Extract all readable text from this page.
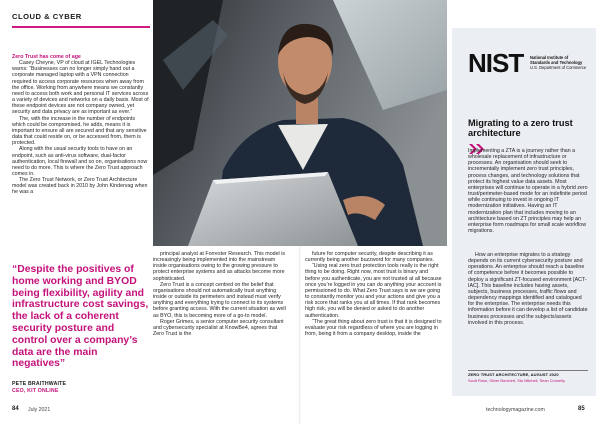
CLOUD & CYBER

Zero Trust has come of age

Casey Cheyne, VP of cloud at IGEL Technologies warns: “Businesses can no longer simply hand out a corporate managed laptop with a VPN connection required to access corporate resources when away from the office. Working from anywhere means we constantly need to access both work and personal IT services across a variety of devices and networks on a daily basis. Most of these endpoint devices are not company owned, yet security and data privacy are as important as ever.”

The, with the increase in the number of endpoints which could be compromised, he adds, means it is important to ensure all are secured and that any sensitive data that could reside on, or be accessed from, them is protected.

Along with the usual security tools to have on an endpoint, such as anti-virus software, dual-factor authentication, local firewall and so on, organisations now need to do more. This is where the Zero Trust approach comes in.

The Zero Trust Network, or Zero Trust Architecture model was created back in 2010 by John Kindervag when he was a

principal analyst at Forrester Research. This model is increasingly being implemented into the mainstream inside organisations owing to the growing pressure to protect enterprise systems and as attacks become more sophisticated.

Zero Trust is a concept centred on the belief that organisations should not automatically trust anything inside or outside its perimeters and instead must verify anything and everything trying to connect to its systems before granting access. With the current situation as well as BYO, this is becoming more of a go-to model.

Roger Grimes, a senior computer security consultant and cybersecurity specialist at KnowBe4, agrees that Zero Trust is the

future for computer security, despite describing it as currently being another buzzword for many companies.

“Using real zero trust protection tools really is the right thing to be doing. Right now, most trust is binary and before you authenticate, you are not trusted at all because once you’re logged in you can do anything your account is permissioned to do. What Zero Trust says is we are going to constantly monitor you and your actions and give you a risk score that ranks you at all times. If that rank becomes high risk, you will be denied or asked to do another authentication.

“The great thing about zero trust is that it is designed to evaluate your risk regardless of where you are logging in from, being it from a company desktop, inside the

“Despite the positives of home working and BYOD being flexibility, agility and infrastructure cost savings, the lack of a coherent security posture and control over a company’s data are the main negatives”
PETE BRAITHWAITE
CEO, KIT ONLINE
NIST National Institute of
Standards and Technology
U.S. Department of Commerce
Migrating to a zero trust architecture

Implementing a ZTA is a journey rather than a wholesale replacement of infrastructure or processes. An organisation should seek to incrementally implement zero trust principles, process changes, and technology solutions that protect its highest value data assets. Most enterprises will continue to operate in a hybrid zero trust/perimeter-based mode for an indefinite period while continuing to invest in ongoing IT modernization initiatives. Having an IT modernization plan that includes moving to an architecture based on ZT principles may help an enterprise form roadmaps for small scale workflow migrations.

How an enterprise migrates to a strategy depends on its current cybersecurity posture and operations. An enterprise should reach a baseline of competence before it becomes possible to deploy a significant ZT-focused environment [ACT-IAC]. This baseline includes having assets, subjects, business processes, traffic flows and dependency mappings identified and catalogued for the enterprise. The enterprise needs this information before it can develop a list of candidate business processes and the subjects/assets involved in this process.

ZERO TRUST ARCHITECTURE, AUGUST 2020
Scott Rose, Oliver Borchert, Stu Mitchell, Sean Connelly
84 July 2021	technologymagazine.com	85
